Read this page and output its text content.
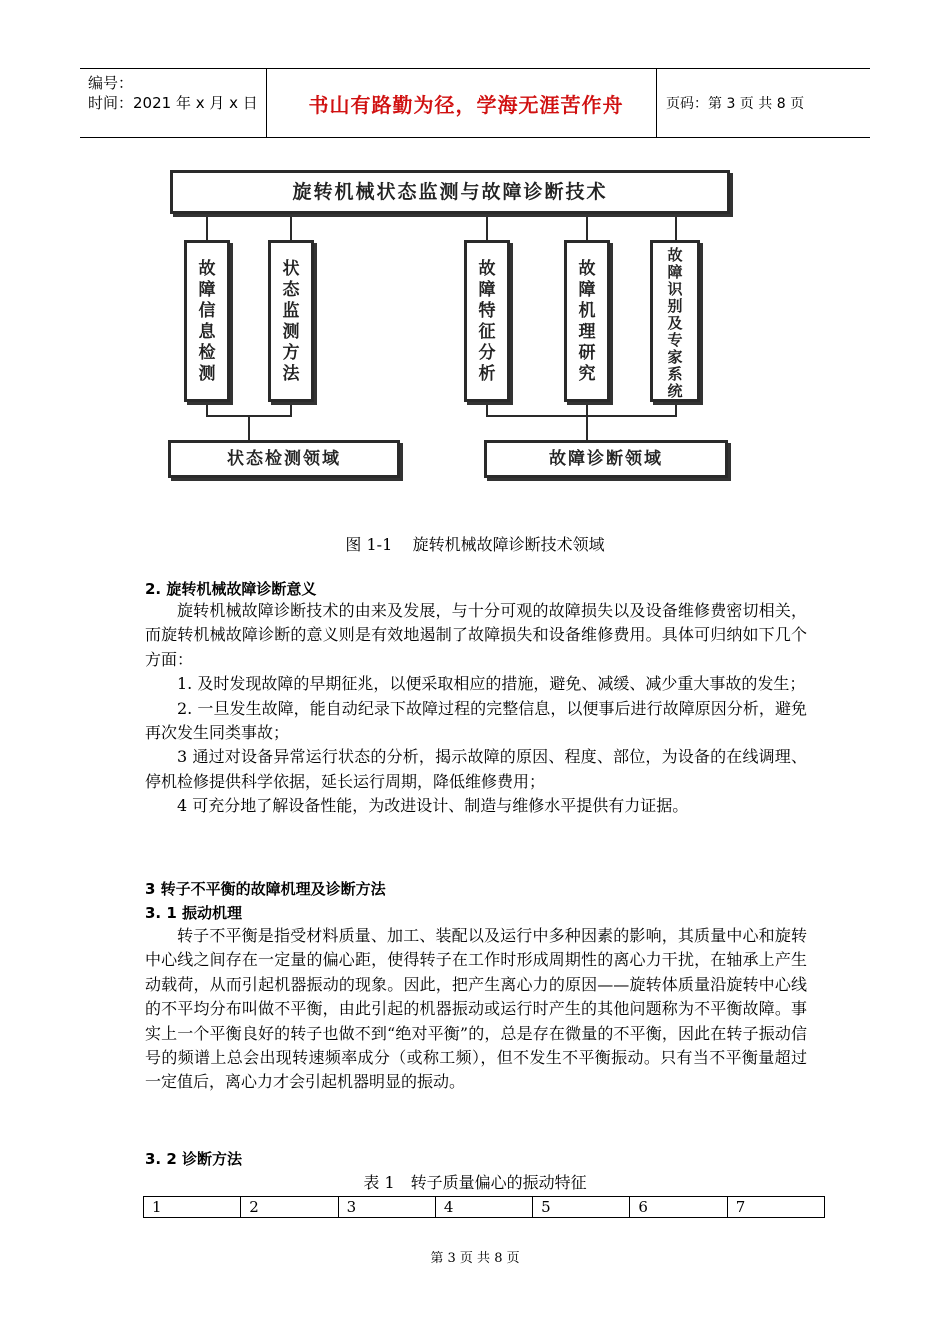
编号：
时间：2021 年 x 月 x 日	书山有路勤为径，学海无涯苦作舟	页码：第 3 页 共 8 页
旋转机械状态监测与故障诊断技术
故
障
信
息
检
测
状
态
监
测
方
法
故
障
特
征
分
析
故
障
机
理
研
究
故
障
识
别
及
专
家
系
统
状态检测领域	故障诊断领域
图 1-1 旋转机械故障诊断技术领域
2. 旋转机械故障诊断意义

旋转机械故障诊断技术的由来及发展，与十分可观的故障损失以及设备维修费密切相关，而旋转机械故障诊断的意义则是有效地遏制了故障损失和设备维修费用。具体可归纳如下几个方面：

1. 及时发现故障的早期征兆，以便采取相应的措施，避免、减缓、减少重大事故的发生；

2. 一旦发生故障，能自动纪录下故障过程的完整信息，以便事后进行故障原因分析，避免再次发生同类事故；

3 通过对设备异常运行状态的分析，揭示故障的原因、程度、部位，为设备的在线调理、停机检修提供科学依据，延长运行周期，降低维修费用；

4 可充分地了解设备性能，为改进设计、制造与维修水平提供有力证据。

3 转子不平衡的故障机理及诊断方法
3. 1 振动机理

转子不平衡是指受材料质量、加工、装配以及运行中多种因素的影响，其质量中心和旋转中心线之间存在一定量的偏心距，使得转子在工作时形成周期性的离心力干扰，在轴承上产生动载荷，从而引起机器振动的现象。因此，把产生离心力的原因——旋转体质量沿旋转中心线的不平均分布叫做不平衡，由此引起的机器振动或运行时产生的其他问题称为不平衡故障。事实上一个平衡良好的转子也做不到“绝对平衡”的，总是存在微量的不平衡，因此在转子振动信号的频谱上总会出现转速频率成分（或称工频），但不发生不平衡振动。只有当不平衡量超过一定值后，离心力才会引起机器明显的振动。

3. 2 诊断方法
表 1　转子质量偏心的振动特征
1	2	3	4	5	6	7
第 3 页 共 8 页
